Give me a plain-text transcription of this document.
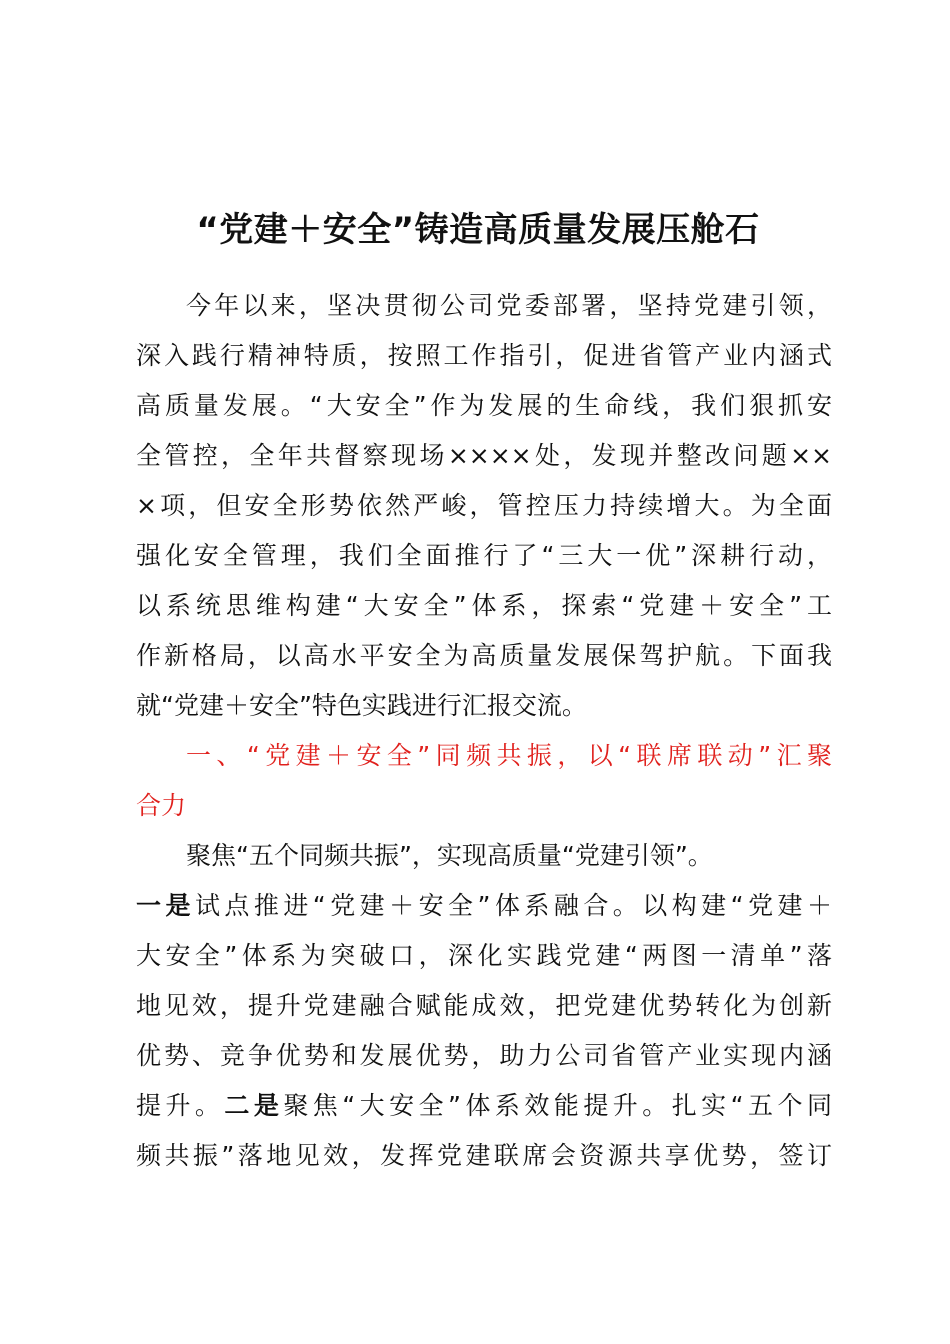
“党建＋安全”铸造高质量发展压舱石
今年以来，坚决贯彻公司党委部署，坚持党建引领，
深入践行精神特质，按照工作指引，促进省管产业内涵式
高质量发展。“大安全”作为发展的生命线，我们狠抓安
全管控，全年共督察现场××××处，发现并整改问题××
×项，但安全形势依然严峻，管控压力持续增大。为全面
强化安全管理，我们全面推行了“三大一优”深耕行动，
以系统思维构建“大安全”体系，探索“党建＋安全”工
作新格局，以高水平安全为高质量发展保驾护航。下面我
就“党建＋安全”特色实践进行汇报交流。
一、“党建＋安全”同频共振，以“联席联动”汇聚
合力
聚焦“五个同频共振”，实现高质量“党建引领”。
一是试点推进“党建＋安全”体系融合。以构建“党建＋
大安全”体系为突破口，深化实践党建“两图一清单”落
地见效，提升党建融合赋能成效，把党建优势转化为创新
优势、竞争优势和发展优势，助力公司省管产业实现内涵
提升。二是聚焦“大安全”体系效能提升。扎实“五个同
频共振”落地见效，发挥党建联席会资源共享优势，签订
